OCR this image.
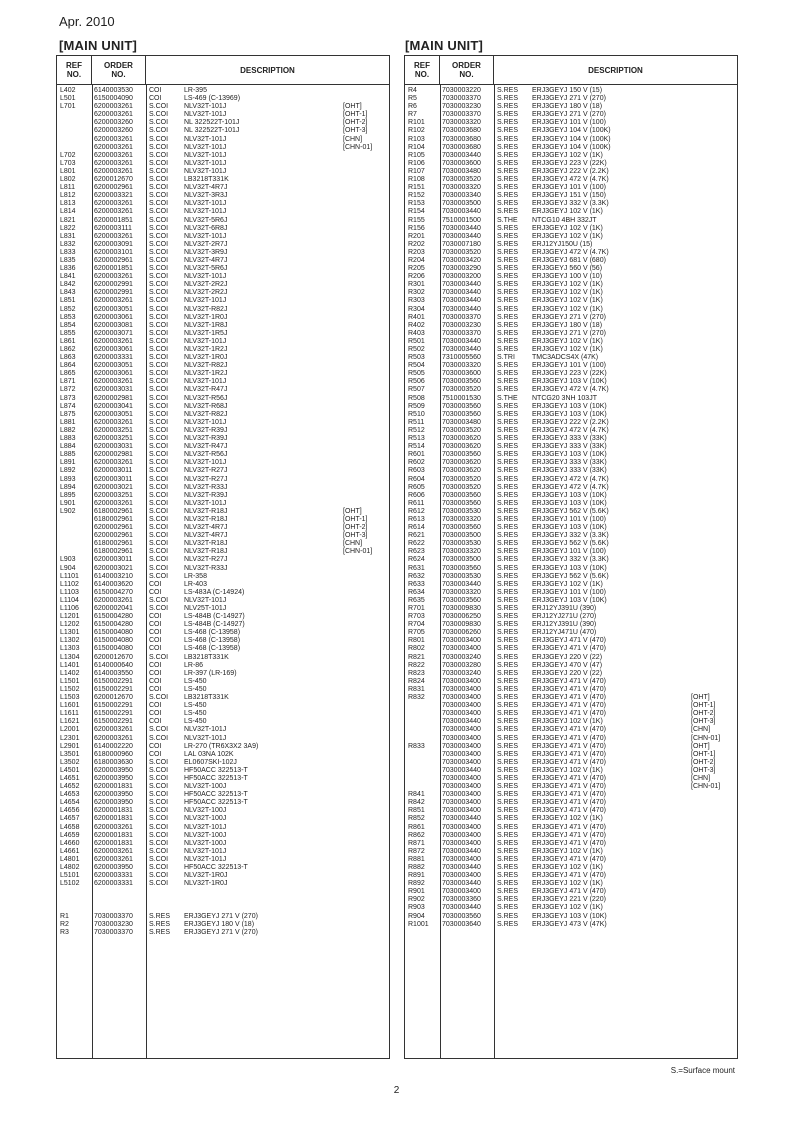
Apr. 2010
[MAIN UNIT]
REF
NO.
ORDER
NO.	DESCRIPTION
L402	6140003530 COI	LR-395
L501	6150004090 COI	LS-469 (C-13969)
L701	6200003261 S.COI NLV32T-101J	[OHT]
6200003261 S.COI NLV32T-101J	[OHT-1]
6200003260 S.COI NL 322522T-101J	[OHT-2]
6200003260 S.COI NL 322522T-101J	[OHT-3]
6200003261 S.COI NLV32T-101J	[CHN]
6200003261 S.COI NLV32T-101J	[CHN-01]
L702	6200003261 S.COI NLV32T-101J
L703	6200003261 S.COI NLV32T-101J
L801	6200003261 S.COI NLV32T-101J
L802	6200012670 S.COI LB3218T331K
L811	6200002961 S.COI NLV32T-4R7J
L812	6200003321 S.COI NLV32T-3R3J
L813	6200003261 S.COI NLV32T-101J
L814	6200003261 S.COI NLV32T-101J
L821	6200001851 S.COI NLV32T-5R6J
L822	6200003111 S.COI NLV32T-6R8J
L831	6200003261 S.COI NLV32T-101J
L832	6200003091 S.COI NLV32T-2R7J
L833	6200003101 S.COI NLV32T-3R9J
L835	6200002961 S.COI NLV32T-4R7J
L836	6200001851 S.COI NLV32T-5R6J
L841	6200003261 S.COI NLV32T-101J
L842	6200002991 S.COI NLV32T-2R2J
L843	6200002991 S.COI NLV32T-2R2J
L851	6200003261 S.COI NLV32T-101J
L852	6200003051 S.COI NLV32T-R82J
L853	6200003061 S.COI NLV32T-1R0J
L854	6200003081 S.COI NLV32T-1R8J
L855	6200003071 S.COI NLV32T-1R5J
L861	6200003261 S.COI NLV32T-101J
L862	6200003061 S.COI NLV32T-1R2J
L863	6200003331 S.COI NLV32T-1R0J
L864	6200003051 S.COI NLV32T-R82J
L865	6200003061 S.COI NLV32T-1R2J
L871	6200003261 S.COI NLV32T-101J
L872	6200003031 S.COI NLV32T-R47J
L873	6200002981 S.COI NLV32T-R56J
L874	6200003041 S.COI NLV32T-R68J
L875	6200003051 S.COI NLV32T-R82J
L881	6200003261 S.COI NLV32T-101J
L882	6200003251 S.COI NLV32T-R39J
L883	6200003251 S.COI NLV32T-R39J
L884	6200003031 S.COI NLV32T-R47J
L885	6200002981 S.COI NLV32T-R56J
L891	6200003261 S.COI NLV32T-101J
L892	6200003011 S.COI NLV32T-R27J
L893	6200003011 S.COI NLV32T-R27J
L894	6200003021 S.COI NLV32T-R33J
L895	6200003251 S.COI NLV32T-R39J
L901	6200003261 S.COI NLV32T-101J
L902	6180002961 S.COI NLV32T-R18J	[OHT]
6180002961 S.COI NLV32T-R18J	[OHT-1]
6200002961 S.COI NLV32T-4R7J	[OHT-2]
6200002961 S.COI NLV32T-4R7J	[OHT-3]
6180002961 S.COI NLV32T-R18J	[CHN]
6180002961 S.COI NLV32T-R18J	[CHN-01]
L903	6200003011 S.COI NLV32T-R27J
L904	6200003021 S.COI NLV32T-R33J
L1101 6140003210 S.COI LR-358
L1102 6140003620 COI	LR-403
L1103 6150004270 COI	LS-483A (C-14924)
L1104 6200003261 S.COI NLV32T-101J
L1106 6200002041 S.COI NLV25T-101J
L1201 6150004280 COI	LS-484B (C-14927)
L1202 6150004280 COI	LS-484B (C-14927)
L1301 6150004080 COI	LS-468 (C-13958)
L1302 6150004080 COI	LS-468 (C-13958)
L1303 6150004080 COI	LS-468 (C-13958)
L1304 6200012670 S.COI LB3218T331K
L1401 6140000640 COI	LR-86
L1402 6140003550 COI	LR-397 (LR-169)
L1501 6150002291 COI	LS-450
L1502 6150002291 COI	LS-450
L1503 6200012670 S.COI LB3218T331K
L1601 6150002291 COI	LS-450
L1611 6150002291 COI	LS-450
L1621 6150002291 COI	LS-450
L2001 6200003261 S.COI NLV32T-101J
L2301 6200003261 S.COI NLV32T-101J
L2901 6140002220 COI	LR-270 (TR6X3X2 3A9)
L3501 6180000960 COI	LAL 03NA 102K
L3502 6180003630 S.COI EL0607SKI-102J
L4501 6200003950 S.COI HF50ACC 322513-T
L4651 6200003950 S.COI HF50ACC 322513-T
L4652 6200001831 S.COI NLV32T-100J
L4653 6200003950 S.COI HF50ACC 322513-T
L4654 6200003950 S.COI HF50ACC 322513-T
L4656 6200001831 S.COI NLV32T-100J
L4657 6200001831 S.COI NLV32T-100J
L4658 6200003261 S.COI NLV32T-101J
L4659 6200001831 S.COI NLV32T-100J
L4660 6200001831 S.COI NLV32T-100J
L4661 6200003261 S.COI NLV32T-101J
L4801 6200003261 S.COI NLV32T-101J
L4802 6200003950 S.COI HF50ACC 322513-T
L5101 6200003331 S.COI NLV32T-1R0J
L5102 6200003331 S.COI NLV32T-1R0J
R1	7030003370 S.RES ERJ3GEYJ 271 V (270)
R2	7030003230 S.RES ERJ3GEYJ 180 V (18)
R3	7030003370 S.RES ERJ3GEYJ 271 V (270)
[MAIN UNIT]
REF
NO.
ORDER
NO.	DESCRIPTION
R4	7030003220 S.RES ERJ3GEYJ 150 V (15)
R5	7030003370 S.RES ERJ3GEYJ 271 V (270)
R6	7030003230 S.RES ERJ3GEYJ 180 V (18)
R7	7030003370 S.RES ERJ3GEYJ 271 V (270)
R101 7030003320 S.RES ERJ3GEYJ 101 V (100)
R102 7030003680 S.RES ERJ3GEYJ 104 V (100K)
R103 7030003680 S.RES ERJ3GEYJ 104 V (100K)
R104 7030003680 S.RES ERJ3GEYJ 104 V (100K)
R105 7030003440 S.RES ERJ3GEYJ 102 V (1K)
R106 7030003600 S.RES ERJ3GEYJ 223 V (22K)
R107 7030003480 S.RES ERJ3GEYJ 222 V (2.2K)
R108 7030003520 S.RES ERJ3GEYJ 472 V (4.7K)
R151 7030003320 S.RES ERJ3GEYJ 101 V (100)
R152 7030003340 S.RES ERJ3GEYJ 151 V (150)
R153 7030003500 S.RES ERJ3GEYJ 332 V (3.3K)
R154 7030003440 S.RES ERJ3GEYJ 102 V (1K)
R155 7510001500 S.THE NTCG10 4BH 332JT
R156 7030003440 S.RES ERJ3GEYJ 102 V (1K)
R201 7030003440 S.RES ERJ3GEYJ 102 V (1K)
R202 7030007180 S.RES ERJ12YJ150U (15)
R203 7030003520 S.RES ERJ3GEYJ 472 V (4.7K)
R204 7030003420 S.RES ERJ3GEYJ 681 V (680)
R205 7030003290 S.RES ERJ3GEYJ 560 V (56)
R206 7030003200 S.RES ERJ3GEYJ 100 V (10)
R301 7030003440 S.RES ERJ3GEYJ 102 V (1K)
R302 7030003440 S.RES ERJ3GEYJ 102 V (1K)
R303 7030003440 S.RES ERJ3GEYJ 102 V (1K)
R304 7030003440 S.RES ERJ3GEYJ 102 V (1K)
R401 7030003370 S.RES ERJ3GEYJ 271 V (270)
R402 7030003230 S.RES ERJ3GEYJ 180 V (18)
R403 7030003370 S.RES ERJ3GEYJ 271 V (270)
R501 7030003440 S.RES ERJ3GEYJ 102 V (1K)
R502 7030003440 S.RES ERJ3GEYJ 102 V (1K)
R503 7310005560 S.TRI TMC3ADCS4X (47K)
R504 7030003320 S.RES ERJ3GEYJ 101 V (100)
R505 7030003600 S.RES ERJ3GEYJ 223 V (22K)
R506 7030003560 S.RES ERJ3GEYJ 103 V (10K)
R507 7030003520 S.RES ERJ3GEYJ 472 V (4.7K)
R508 7510001530 S.THE NTCG20 3NH 103JT
R509 7030003560 S.RES ERJ3GEYJ 103 V (10K)
R510 7030003560 S.RES ERJ3GEYJ 103 V (10K)
R511	7030003480 S.RES ERJ3GEYJ 222 V (2.2K)
R512 7030003520 S.RES ERJ3GEYJ 472 V (4.7K)
R513 7030003620 S.RES ERJ3GEYJ 333 V (33K)
R514 7030003620 S.RES ERJ3GEYJ 333 V (33K)
R601 7030003560 S.RES ERJ3GEYJ 103 V (10K)
R602 7030003620 S.RES ERJ3GEYJ 333 V (33K)
R603 7030003620 S.RES ERJ3GEYJ 333 V (33K)
R604 7030003520 S.RES ERJ3GEYJ 472 V (4.7K)
R605 7030003520 S.RES ERJ3GEYJ 472 V (4.7K)
R606 7030003560 S.RES ERJ3GEYJ 103 V (10K)
R611	7030003560 S.RES ERJ3GEYJ 103 V (10K)
R612 7030003530 S.RES ERJ3GEYJ 562 V (5.6K)
R613 7030003320 S.RES ERJ3GEYJ 101 V (100)
R614 7030003560 S.RES ERJ3GEYJ 103 V (10K)
R621 7030003500 S.RES ERJ3GEYJ 332 V (3.3K)
R622 7030003530 S.RES ERJ3GEYJ 562 V (5.6K)
R623 7030003320 S.RES ERJ3GEYJ 101 V (100)
R624 7030003500 S.RES ERJ3GEYJ 332 V (3.3K)
R631 7030003560 S.RES ERJ3GEYJ 103 V (10K)
R632 7030003530 S.RES ERJ3GEYJ 562 V (5.6K)
R633 7030003440 S.RES ERJ3GEYJ 102 V (1K)
R634 7030003320 S.RES ERJ3GEYJ 101 V (100)
R635 7030003560 S.RES ERJ3GEYJ 103 V (10K)
R701 7030009830 S.RES ERJ12YJ391U (390)
R703 7030006250 S.RES ERJ12YJ271U (270)
R704 7030009830 S.RES ERJ12YJ391U (390)
R705 7030006260 S.RES ERJ12YJ471U (470)
R801 7030003400 S.RES ERJ3GEYJ 471 V (470)
R802 7030003400 S.RES ERJ3GEYJ 471 V (470)
R821 7030003240 S.RES ERJ3GEYJ 220 V (22)
R822 7030003280 S.RES ERJ3GEYJ 470 V (47)
R823 7030003240 S.RES ERJ3GEYJ 220 V (22)
R824 7030003400 S.RES ERJ3GEYJ 471 V (470)
R831 7030003400 S.RES ERJ3GEYJ 471 V (470)
R832 7030003400 S.RES ERJ3GEYJ 471 V (470)	[OHT]
7030003400 S.RES ERJ3GEYJ 471 V (470)	[OHT-1]
7030003400 S.RES ERJ3GEYJ 471 V (470)	[OHT-2]
7030003440 S.RES ERJ3GEYJ 102 V (1K)	[OHT-3]
7030003400 S.RES ERJ3GEYJ 471 V (470)	[CHN]
7030003400 S.RES ERJ3GEYJ 471 V (470)	[CHN-01]
R833 7030003400 S.RES ERJ3GEYJ 471 V (470)	[OHT]
7030003400 S.RES ERJ3GEYJ 471 V (470)	[OHT-1]
7030003400 S.RES ERJ3GEYJ 471 V (470)	[OHT-2]
7030003440 S.RES ERJ3GEYJ 102 V (1K)	[OHT-3]
7030003400 S.RES ERJ3GEYJ 471 V (470)	[CHN]
7030003400 S.RES ERJ3GEYJ 471 V (470)	[CHN-01]
R841 7030003400 S.RES ERJ3GEYJ 471 V (470)
R842 7030003400 S.RES ERJ3GEYJ 471 V (470)
R851 7030003400 S.RES ERJ3GEYJ 471 V (470)
R852 7030003440 S.RES ERJ3GEYJ 102 V (1K)
R861 7030003400 S.RES ERJ3GEYJ 471 V (470)
R862 7030003400 S.RES ERJ3GEYJ 471 V (470)
R871 7030003400 S.RES ERJ3GEYJ 471 V (470)
R872 7030003440 S.RES ERJ3GEYJ 102 V (1K)
R881 7030003400 S.RES ERJ3GEYJ 471 V (470)
R882 7030003440 S.RES ERJ3GEYJ 102 V (1K)
R891 7030003400 S.RES ERJ3GEYJ 471 V (470)
R892 7030003440 S.RES ERJ3GEYJ 102 V (1K)
R901 7030003400 S.RES ERJ3GEYJ 471 V (470)
R902 7030003360 S.RES ERJ3GEYJ 221 V (220)
R903 7030003440 S.RES ERJ3GEYJ 102 V (1K)
R904 7030003560 S.RES ERJ3GEYJ 103 V (10K)
R1001 7030003640 S.RES ERJ3GEYJ 473 V (47K)
S.=Surface mount
2
